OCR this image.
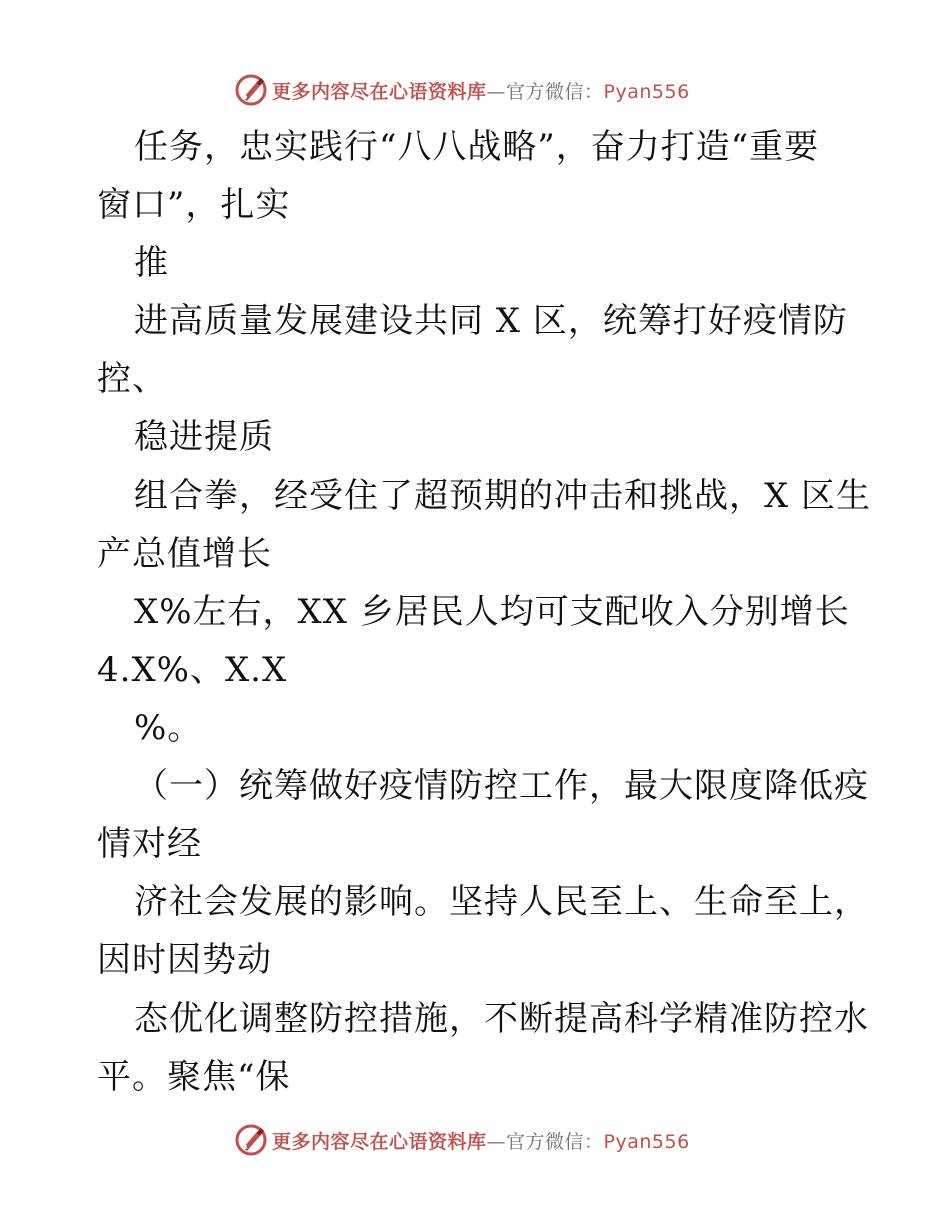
更多内容尽在心语资料库—官方微信：Pyan556
任务，忠实践行“八八战略”，奋力打造“重要
窗口”，扎实
推
进高质量发展建设共同 X 区，统筹打好疫情防
控、
稳进提质
组合拳，经受住了超预期的冲击和挑战，X 区生
产总值增长
X%左右，XX 乡居民人均可支配收入分别增长
4.X%、X.X
%。
（一）统筹做好疫情防控工作，最大限度降低疫
情对经
济社会发展的影响。坚持人民至上、生命至上，
因时因势动
态优化调整防控措施，不断提高科学精准防控水
平。聚焦“保
更多内容尽在心语资料库—官方微信：Pyan556
